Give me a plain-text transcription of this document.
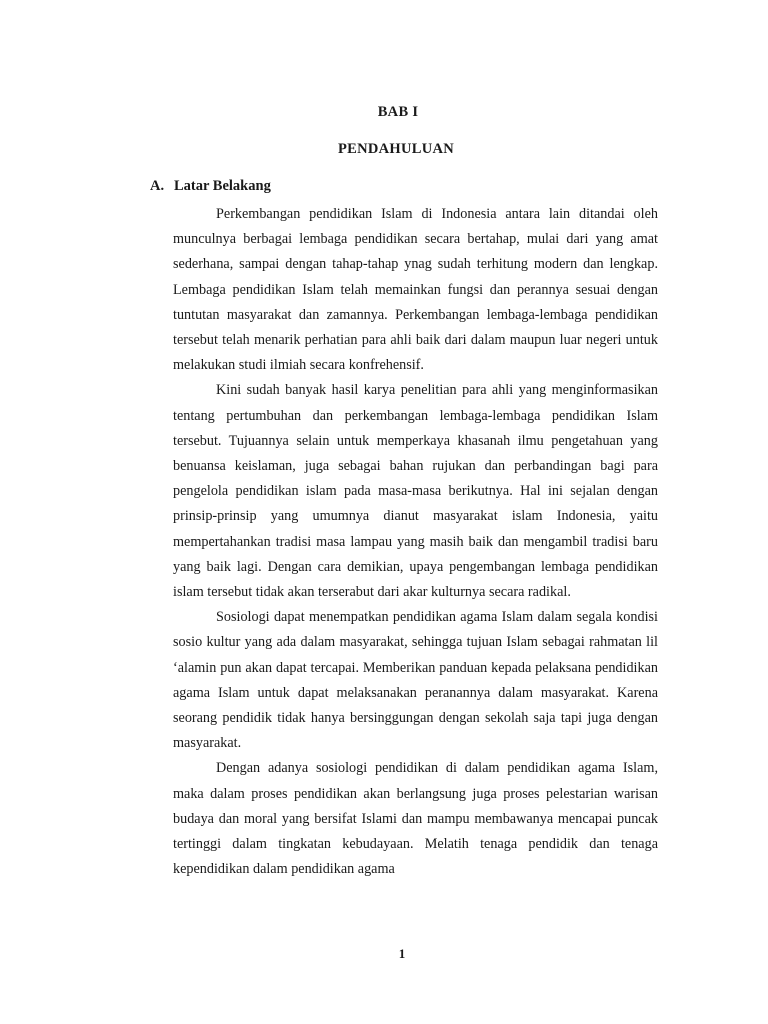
BAB I
PENDAHULUAN
A. Latar Belakang

Perkembangan pendidikan Islam di Indonesia antara lain ditandai oleh munculnya berbagai lembaga pendidikan secara bertahap, mulai dari yang amat sederhana, sampai dengan tahap-tahap ynag sudah terhitung modern dan lengkap. Lembaga pendidikan Islam telah memainkan fungsi dan perannya sesuai dengan tuntutan masyarakat dan zamannya. Perkembangan lembaga-lembaga pendidikan tersebut telah menarik perhatian para ahli baik dari dalam maupun luar negeri untuk melakukan studi ilmiah secara konfrehensif.

Kini sudah banyak hasil karya penelitian para ahli yang menginformasikan tentang pertumbuhan dan perkembangan lembaga-lembaga pendidikan Islam tersebut. Tujuannya selain untuk memperkaya khasanah ilmu pengetahuan yang benuansa keislaman, juga sebagai bahan rujukan dan perbandingan bagi para pengelola pendidikan islam pada masa-masa berikutnya. Hal ini sejalan dengan prinsip-prinsip yang umumnya dianut masyarakat islam Indonesia, yaitu mempertahankan tradisi masa lampau yang masih baik dan mengambil tradisi baru yang baik lagi. Dengan cara demikian, upaya pengembangan lembaga pendidikan islam tersebut tidak akan terserabut dari akar kulturnya secara radikal.

Sosiologi dapat menempatkan pendidikan agama Islam dalam segala kondisi sosio kultur yang ada dalam masyarakat, sehingga tujuan Islam sebagai rahmatan lil ‘alamin pun akan dapat tercapai. Memberikan panduan kepada pelaksana pendidikan agama Islam untuk dapat melaksanakan peranannya dalam masyarakat. Karena seorang pendidik tidak hanya bersinggungan dengan sekolah saja tapi juga dengan masyarakat.

Dengan adanya sosiologi pendidikan di dalam pendidikan agama Islam, maka dalam proses pendidikan akan berlangsung juga proses pelestarian warisan budaya dan moral yang bersifat Islami dan mampu membawanya mencapai puncak tertinggi dalam tingkatan kebudayaan. Melatih tenaga pendidik dan tenaga kependidikan dalam pendidikan agama

1
